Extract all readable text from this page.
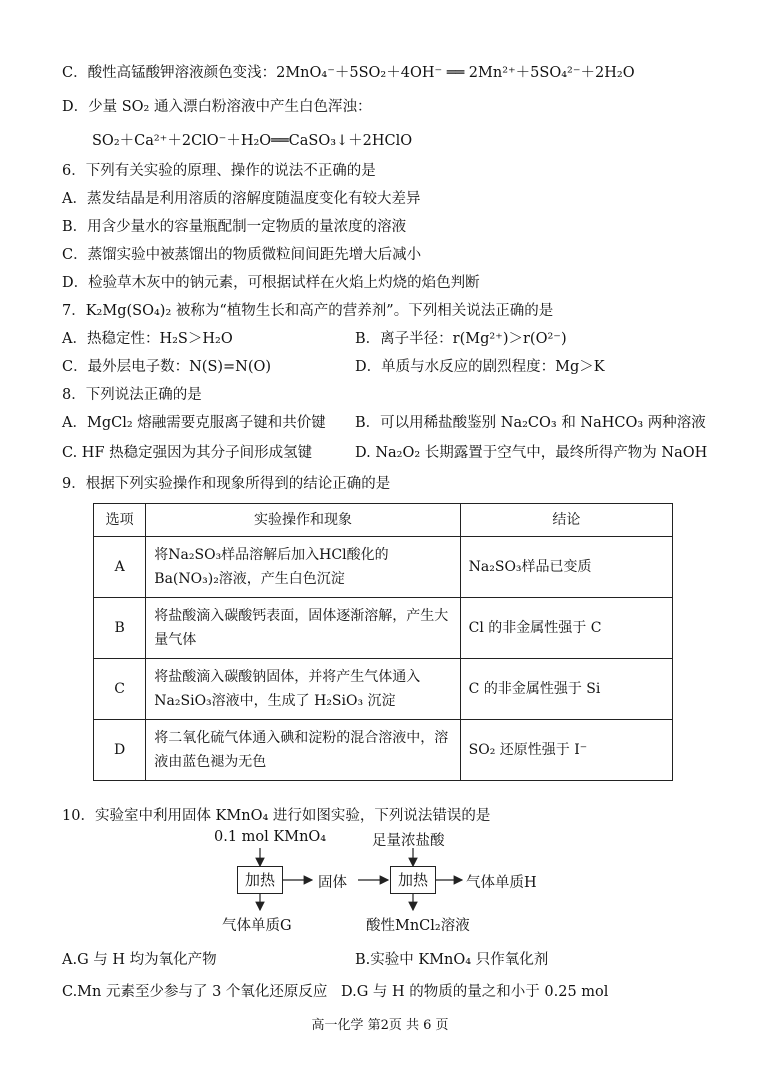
C．酸性高锰酸钾溶液颜色变浅：2MnO₄⁻＋5SO₂＋4OH⁻ ══ 2Mn²⁺＋5SO₄²⁻＋2H₂O
D．少量 SO₂ 通入漂白粉溶液中产生白色浑浊：
SO₂＋Ca²⁺＋2ClO⁻＋H₂O══CaSO₃↓＋2HClO
6．下列有关实验的原理、操作的说法不正确的是
A．蒸发结晶是利用溶质的溶解度随温度变化有较大差异
B．用含少量水的容量瓶配制一定物质的量浓度的溶液
C．蒸馏实验中被蒸馏出的物质微粒间间距先增大后减小
D．检验草木灰中的钠元素，可根据试样在火焰上灼烧的焰色判断
7．K₂Mg(SO₄)₂ 被称为“植物生长和高产的营养剂”。下列相关说法正确的是
A．热稳定性：H₂S＞H₂O	B．离子半径：r(Mg²⁺)＞r(O²⁻)
C．最外层电子数：N(S)=N(O)	D．单质与水反应的剧烈程度：Mg＞K
8．下列说法正确的是
A．MgCl₂ 熔融需要克服离子键和共价键 B．可以用稀盐酸鉴别 Na₂CO₃ 和 NaHCO₃ 两种溶液
C. HF 热稳定强因为其分子间形成氢键	D. Na₂O₂ 长期露置于空气中，最终所得产物为 NaOH
9．根据下列实验操作和现象所得到的结论正确的是
选项	实验操作和现象	结论
A	将Na₂SO₃样品溶解后加入HCl酸化的Ba(NO₃)₂溶液，产生白色沉淀	Na₂SO₃样品已变质
B	将盐酸滴入碳酸钙表面，固体逐渐溶解，产生大量气体	Cl 的非金属性强于 C
C	将盐酸滴入碳酸钠固体，并将产生气体通入Na₂SiO₃溶液中，生成了 H₂SiO₃ 沉淀	C 的非金属性强于 Si
D	将二氧化硫气体通入碘和淀粉的混合溶液中，溶液由蓝色褪为无色	SO₂ 还原性强于 I⁻
10．实验室中利用固体 KMnO₄ 进行如图实验，下列说法错误的是
0.1 mol KMnO₄	足量浓盐酸
加热	固体	加热	气体单质H
气体单质G	酸性MnCl₂溶液
A.G 与 H 均为氧化产物	B.实验中 KMnO₄ 只作氧化剂
C.Mn 元素至少参与了 3 个氧化还原反应 D.G 与 H 的物质的量之和小于 0.25 mol
高一化学 第2页 共 6 页
